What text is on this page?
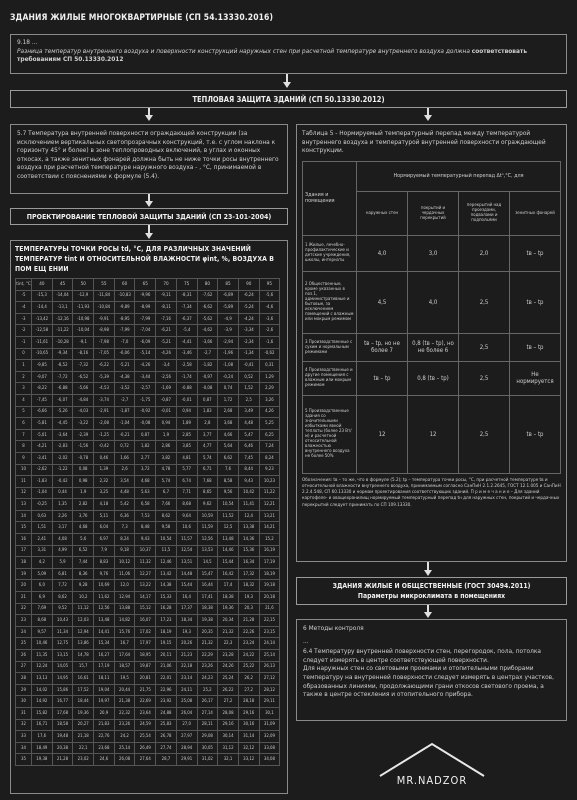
ЗДАНИЯ ЖИЛЫЕ МНОГОКВАРТИРНЫЕ (СП 54.13330.2016)
9.18 ...
Разница температур внутреннего воздуха и поверхности конструкций наружных стен при расчетной температуре внутреннего воздуха должна соответствовать требованиям СП 50.13330.2012
ТЕПЛОВАЯ ЗАЩИТА ЗДАНИЙ (СП 50.13330.2012)
5.7 Температура внутренней поверхности ограждающей конструкции (за исключением вертикальных светопрозрачных конструкций, т.е. с углом наклона к горизонту 45° и более) в зоне теплопроводных включений, в углах и оконных откосах, а также зенитных фонарей должна быть не ниже точки росы внутреннего воздуха при расчетной температуре наружного воздуха - , °С, принимаемой в соответствии с пояснениями к формуле (5.4).
ПРОЕКТИРОВАНИЕ ТЕПЛОВОЙ ЗАЩИТЫ ЗДАНИЙ (СП 23-101-2004)
ТЕМПЕРАТУРЫ ТОЧКИ РОСЫ td, °С, ДЛЯ РАЗЛИЧНЫХ ЗНАЧЕНИЙ ТЕМПЕРАТУР tint И ОТНОСИТЕЛЬНОЙ ВЛАЖНОСТИ φint, %, ВОЗДУХА В ПОМ ЕЩ ЕНИИ
tint, °С	40	45	50	55	60	65	70	75	80	85	90	95
-5	-15,3	-14,04	-12,9	-11,84	-10,83	-9,96	-9,11	-8,31	-7,62	-6,89	-6,24	-5,6
-4	-14,4	-13,1	-11,93	-10,84	-9,89	-8,99	-8,11	-7,34	-6,62	-5,89	-5,24	-4,6
-3	-13,42	-12,16	-10,98	-9,91	-8,95	-7,99	-7,16	-6,37	-5,62	-4,9	-4,24	-3,6
-2	-12,58	-11,22	-10,04	-8,98	-7,99	-7,04	-6,21	-5,4	-4,62	-3,9	-3,34	-2,6
-1	-11,61	-10,28	-9,1	-7,98	-7,0	-6,09	-5,21	-4,41	-3,66	-2,94	-2,34	-1,6
0	-10,65	-9,34	-8,16	-7,05	-6,06	-5,14	-4,26	-3,46	-2,7	-1,96	-1,34	-0,62
1	-9,85	-8,52	-7,32	-6,22	-5,21	-4,26	-3,4	-2,58	-1,82	-1,08	-0,41	0,31
2	-9,07	-7,72	-6,52	-5,39	-4,38	-3,44	-2,56	-1,74	-0,97	-0,24	0,52	1,29
3	-8,22	-6,88	-5,66	-4,53	-3,52	-2,57	-1,69	-0,88	-0,08	0,74	1,52	2,29
4	-7,45	-6,07	-4,84	-3,74	-2,7	-1,75	-0,87	-0,01	0,87	1,72	2,5	3,26
5	-6,66	-5,26	-4,03	-2,91	-1,87	-0,92	-0,01	0,94	1,83	2,68	3,49	4,26
6	-5,81	-4,45	-3,22	-2,08	-1,04	-0,08	0,94	1,89	2,8	3,68	4,48	5,25
7	-5,01	-3,64	-2,39	-1,25	-0,21	0,87	1,9	2,85	3,77	4,66	5,47	6,25
8	-4,21	-2,83	-1,56	-0,42	0,72	1,82	2,86	3,85	4,77	5,64	6,46	7,24
9	-3,41	-2,02	-0,78	0,46	1,66	2,77	3,82	4,81	5,74	6,62	7,45	8,24
10	-2,62	-1,22	0,08	1,39	2,6	3,72	4,78	5,77	6,71	7,6	8,44	9,23
11	-1,83	-0,42	0,98	2,32	3,54	4,68	5,74	6,74	7,68	8,58	9,43	10,23
12	-1,04	0,44	1,9	3,25	4,48	5,63	6,7	7,71	8,65	9,56	10,42	11,22
13	-0,25	1,35	2,82	4,18	5,42	6,58	7,66	8,68	9,62	10,54	11,41	12,21
14	0,63	2,26	3,76	5,11	6,36	7,53	8,62	9,64	10,59	11,52	12,4	13,21
15	1,51	3,17	4,68	6,04	7,3	8,48	9,58	10,6	11,59	12,5	13,38	14,21
16	2,41	4,08	5,6	6,97	8,24	9,43	10,54	11,57	12,56	13,48	14,36	15,2
17	3,31	4,99	6,52	7,9	9,18	10,37	11,5	12,54	13,53	14,46	15,36	16,19
18	4,2	5,9	7,44	8,83	10,12	11,32	12,46	13,51	14,5	15,44	16,34	17,19
19	5,09	6,81	8,36	9,76	11,06	12,27	13,42	14,48	15,47	16,42	17,32	18,19
20	6,0	7,72	9,28	10,69	12,0	13,22	14,38	15,44	16,44	17,4	18,32	19,18
21	6,9	8,62	10,2	11,62	12,94	14,17	15,33	16,4	17,41	18,38	19,3	20,18
22	7,69	9,52	11,12	12,56	13,88	15,12	16,28	17,37	18,38	19,36	20,3	21,6
23	8,68	10,43	12,03	13,48	14,82	16,07	17,23	18,34	19,38	20,34	21,28	22,15
24	9,57	11,34	12,94	14,41	15,76	17,02	18,19	19,3	20,35	21,32	22,26	23,15
25	10,46	12,75	13,86	15,34	16,7	17,97	19,15	20,26	21,32	22,3	23,24	24,14
26	11,35	13,15	14,78	16,27	17,64	18,95	20,11	21,23	22,29	23,28	24,22	25,14
27	12,24	14,05	15,7	17,19	18,57	19,87	21,06	22,18	23,26	24,26	25,22	26,13
28	13,13	14,95	16,61	18,11	19,5	20,81	22,01	23,14	24,23	25,24	26,2	27,12
29	14,02	15,86	17,52	19,04	20,44	21,75	22,96	24,11	25,2	26,22	27,2	28,12
30	14,92	16,77	18,44	19,97	21,38	22,69	23,92	25,08	26,17	27,2	28,18	29,11
31	15,82	17,68	19,36	20,9	22,32	23,64	24,88	26,04	27,14	28,08	29,16	30,1
32	16,71	18,58	20,27	21,83	23,26	24,59	25,83	27,0	28,11	29,16	30,16	31,09
33	17,6	19,48	21,18	22,76	24,2	25,54	26,78	27,97	29,08	30,14	31,14	32,09
34	18,49	20,38	22,1	23,68	25,14	26,49	27,74	28,94	30,05	31,12	32,12	33,08
35	19,38	21,28	23,02	24,6	26,08	27,64	28,7	29,91	31,02	32,1	33,12	34,08
Таблица 5 - Нормируемый температурный перепад между температурой внутреннего воздуха и температурой внутренней поверхности ограждающей конструкции.
Здания и помещения	Нормируемый температурный перепад Δtⁿ,°С, для			
	наружных стен	покрытий и чердачных перекрытий	перекрытий над проездами, подвалами и подпольями	зенитных фонарей
1 Жилые, лечебно-профилактические и детские учреждения, школы, интернаты	4,0	3,0	2,0	tв – tр
2 Общественные, кроме указанных в поз.1, административные и бытовые, за исключением помещений с влажным или мокрым режимом	4,5	4,0	2,5	tв – tр
3 Производственные с сухим и нормальным режимами	tв – tр, но не более 7	0,8 (tв – tр), но не более 6	2,5	tв – tр
4 Производственные и другие помещения с влажным или мокрым режимом	tв – tр	0,8 (tв – tр)	2,5	Не нормируется
5 Производственные здания со значительными избытками явной теплоты (более 23 Вт/м) и расчетной относительной влажностью внутреннего воздуха не более 50%	12	12	2,5	tв – tр
Обозначения: tв – то же, что в формуле (5.2); tр – температура точки росы, °С, при расчетной температуре tв и относительной влажности внутреннего воздуха, принимаемым согласно СанПиН 2.1.2.2645, ГОСТ 12.1.005 и СанПиН 2.2.4.548, СП 60.13330 и нормам проектирования соответствующих зданий. П р и м е ч а н и е – Для зданий картофеле- и овощехранилищ нормируемый температурный перепад tн для наружных стен, покрытий и чердачных перекрытий следует принимать по СП 109.13330.
ЗДАНИЯ ЖИЛЫЕ И ОБЩЕСТВЕННЫЕ (ГОСТ 30494.2011)
Параметры микроклимата в помещениях
6 Методы контроля
...
6.4 Температуру внутренней поверхности стен, перегородок, пола, потолка следует измерять в центре соответствующей поверхности.
Для наружных стен со световыми проемами и отопительными приборами температуру на внутренней поверхности следует измерять в центрах участков, образованных линиями, продолжающими грани откосов светового проема, а также в центре остекления и отопительного прибора.
MR.NADZOR
